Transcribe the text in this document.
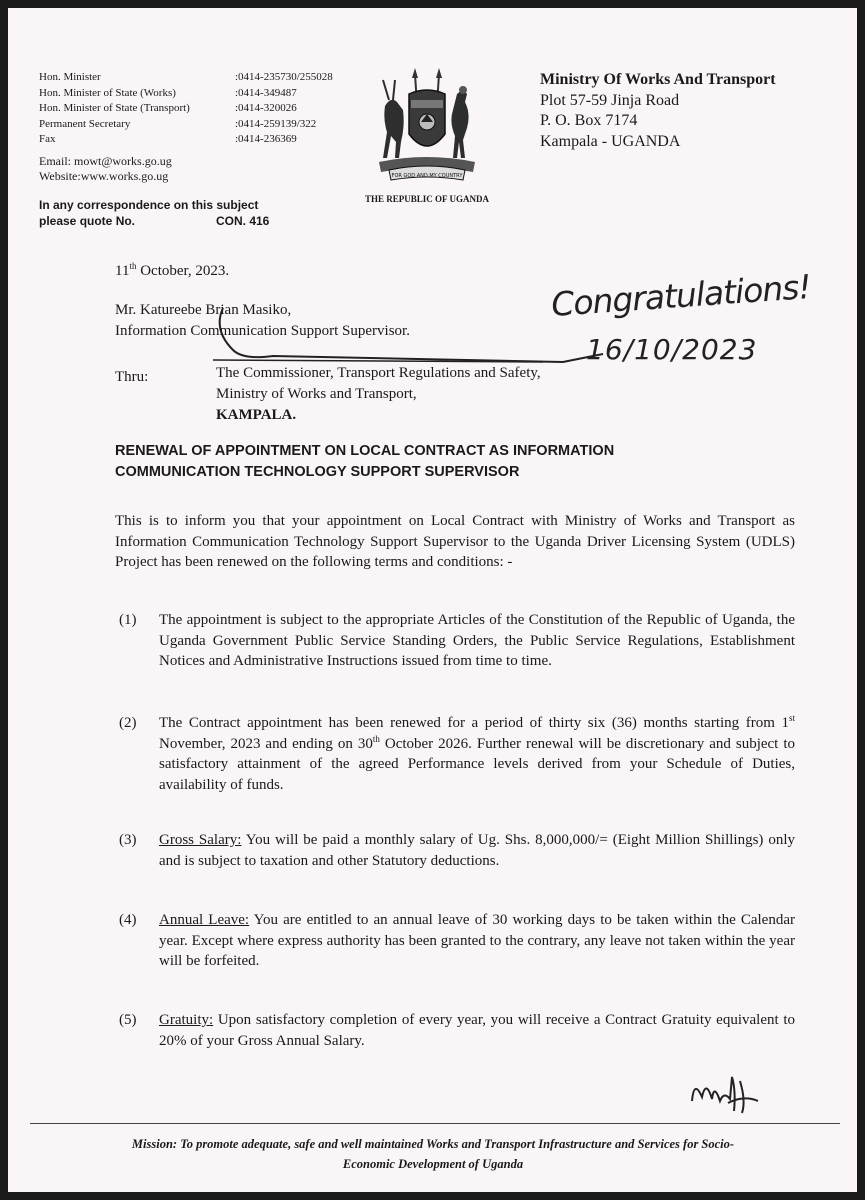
Hon. Minister	:0414-235730/255028
Hon. Minister of State (Works)	:0414-349487
Hon. Minister of State (Transport)	:0414-320026
Permanent Secretary	:0414-259139/322
Fax	:0414-236369
Email: mowt@works.go.ug
Website:www.works.go.ug
In any correspondence on this subject
please quote No.	CON. 416
FOR GOD AND MY COUNTRY
THE REPUBLIC OF UGANDA
Ministry Of Works And Transport
Plot 57-59 Jinja Road
P. O. Box 7174
Kampala - UGANDA
11th October, 2023.
Mr. Katureebe Brian Masiko,
Information Communication Support Supervisor.
Thru:	The Commissioner, Transport Regulations and Safety,
Ministry of Works and Transport,
KAMPALA.
Congratulations!
16/10/2023
RENEWAL OF APPOINTMENT ON LOCAL CONTRACT AS INFORMATION
COMMUNICATION TECHNOLOGY SUPPORT SUPERVISOR
This is to inform you that your appointment on Local Contract with Ministry of Works and Transport as Information Communication Technology Support Supervisor to the Uganda Driver Licensing System (UDLS) Project has been renewed on the following terms and conditions: -
(1) The appointment is subject to the appropriate Articles of the Constitution of the Republic of Uganda, the Uganda Government Public Service Standing Orders, the Public Service Regulations, Establishment Notices and Administrative Instructions issued from time to time.
(2) The Contract appointment has been renewed for a period of thirty six (36) months starting from 1st November, 2023 and ending on 30th October 2026. Further renewal will be discretionary and subject to satisfactory attainment of the agreed Performance levels derived from your Schedule of Duties, availability of funds.
(3) Gross Salary: You will be paid a monthly salary of Ug. Shs. 8,000,000/= (Eight Million Shillings) only and is subject to taxation and other Statutory deductions.
(4) Annual Leave: You are entitled to an annual leave of 30 working days to be taken within the Calendar year. Except where express authority has been granted to the contrary, any leave not taken within the year will be forfeited.
(5) Gratuity: Upon satisfactory completion of every year, you will receive a Contract Gratuity equivalent to 20% of your Gross Annual Salary.
Mission: To promote adequate, safe and well maintained Works and Transport Infrastructure and Services for Socio-
Economic Development of Uganda
